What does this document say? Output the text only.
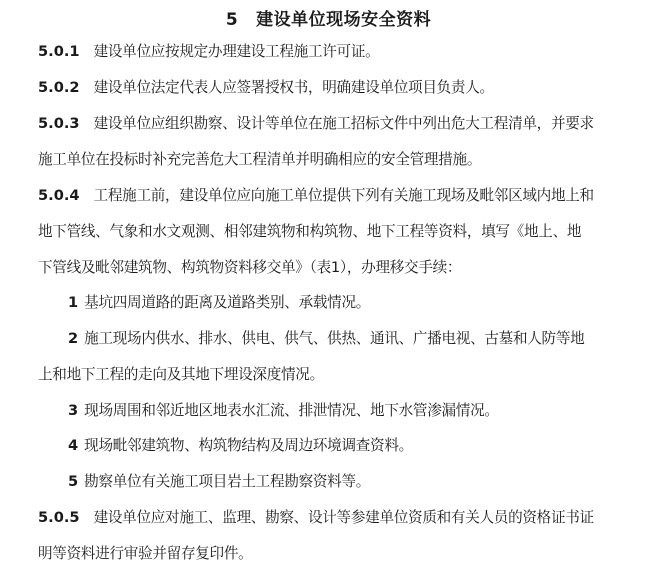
5 建设单位现场安全资料
5.0.1 建设单位应按规定办理建设工程施工许可证。
5.0.2 建设单位法定代表人应签署授权书，明确建设单位项目负责人。
5.0.3 建设单位应组织勘察、设计等单位在施工招标文件中列出危大工程清单，并要求
施工单位在投标时补充完善危大工程清单并明确相应的安全管理措施。
5.0.4 工程施工前，建设单位应向施工单位提供下列有关施工现场及毗邻区域内地上和
地下管线、气象和水文观测、相邻建筑物和构筑物、地下工程等资料，填写《地上、地
下管线及毗邻建筑物、构筑物资料移交单》（表1），办理移交手续：
1 基坑四周道路的距离及道路类别、承载情况。
2 施工现场内供水、排水、供电、供气、供热、通讯、广播电视、古墓和人防等地
上和地下工程的走向及其地下埋设深度情况。
3 现场周围和邻近地区地表水汇流、排泄情况、地下水管渗漏情况。
4 现场毗邻建筑物、构筑物结构及周边环境调查资料。
5 勘察单位有关施工项目岩土工程勘察资料等。
5.0.5 建设单位应对施工、监理、勘察、设计等参建单位资质和有关人员的资格证书证
明等资料进行审验并留存复印件。
